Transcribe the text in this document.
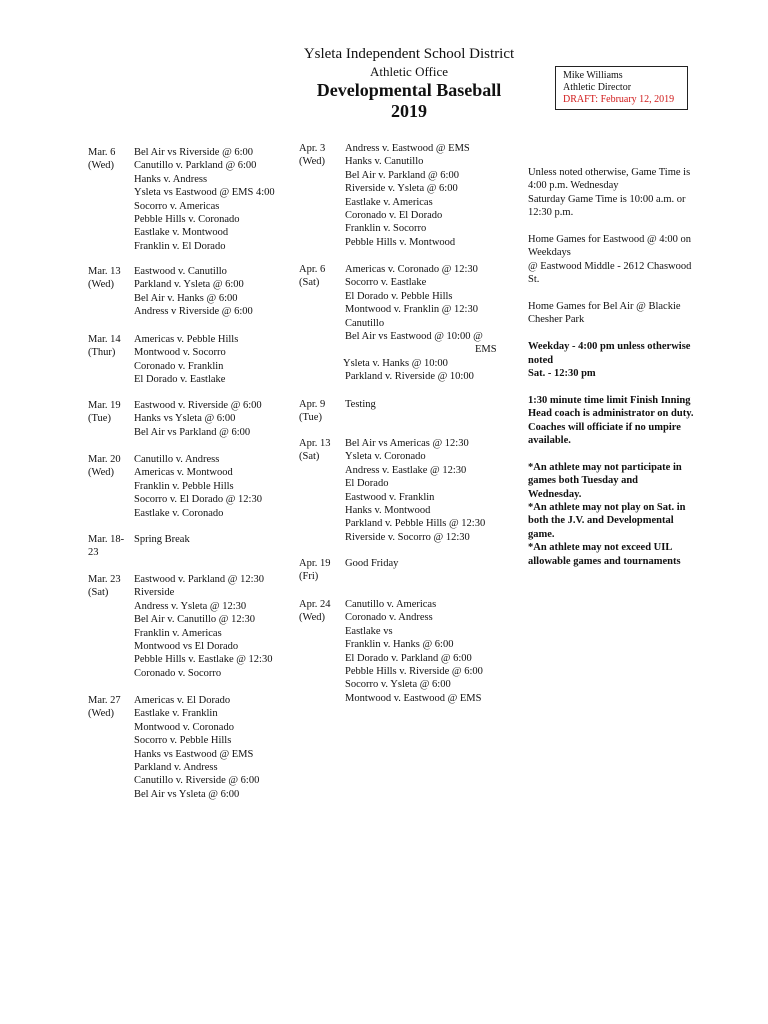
Ysleta Independent School District
Athletic Office
Developmental Baseball
2019
Mike Williams
Athletic Director
DRAFT: February 12, 2019
Mar. 6
(Wed)
Bel Air vs Riverside @ 6:00
Canutillo v. Parkland @ 6:00
Hanks v. Andress
Ysleta vs Eastwood @ EMS 4:00
Socorro v. Americas
Pebble Hills v. Coronado
Eastlake v. Montwood
Franklin v. El Dorado
Mar. 13
(Wed)
Eastwood v. Canutillo
Parkland v. Ysleta @ 6:00
Bel Air v. Hanks @ 6:00
Andress v Riverside @ 6:00
Mar. 14
(Thur)
Americas v. Pebble Hills
Montwood v. Socorro
Coronado v. Franklin
El Dorado v. Eastlake
Mar. 19
(Tue)
Eastwood v. Riverside @ 6:00
Hanks vs Ysleta @ 6:00
Bel Air vs Parkland @ 6:00
Mar. 20
(Wed)
Canutillo v. Andress
Americas v. Montwood
Franklin v. Pebble Hills
Socorro v. El Dorado @ 12:30
Eastlake v. Coronado
Mar. 18-
23
Spring Break
Mar. 23
(Sat)
Eastwood v. Parkland @ 12:30
Riverside
Andress v. Ysleta @ 12:30
Bel Air v. Canutillo @ 12:30
Franklin v. Americas
Montwood vs El Dorado
Pebble Hills v. Eastlake @ 12:30
Coronado v. Socorro
Mar. 27
(Wed)
Americas v. El Dorado
Eastlake v. Franklin
Montwood v. Coronado
Socorro v. Pebble Hills
Hanks vs Eastwood @ EMS
Parkland v. Andress
Canutillo v. Riverside @ 6:00
Bel Air vs Ysleta @ 6:00
Apr. 3
(Wed)
Andress v. Eastwood @ EMS
Hanks v. Canutillo
Bel Air v. Parkland @ 6:00
Riverside v. Ysleta @ 6:00
Eastlake v. Americas
Coronado v. El Dorado
Franklin v. Socorro
Pebble Hills v. Montwood
Apr. 6
(Sat)
Americas v. Coronado @ 12:30
Socorro v. Eastlake
El Dorado v. Pebble Hills
Montwood v. Franklin @ 12:30
Canutillo
Bel Air vs Eastwood @ 10:00 @
EMS
Ysleta v. Hanks @ 10:00
Parkland v. Riverside @ 10:00
Apr. 9
(Tue)
Testing
Apr. 13
(Sat)
Bel Air vs Americas @ 12:30
Ysleta v. Coronado
Andress v. Eastlake @ 12:30
El Dorado
Eastwood v. Franklin
Hanks v. Montwood
Parkland v. Pebble Hills @ 12:30
Riverside v. Socorro @ 12:30
Apr. 19
(Fri)
Good Friday
Apr. 24
(Wed)
Canutillo v. Americas
Coronado v. Andress
Eastlake vs
Franklin v. Hanks @ 6:00
El Dorado v. Parkland @ 6:00
Pebble Hills v. Riverside @ 6:00
Socorro v. Ysleta @ 6:00
Montwood v. Eastwood @ EMS

Unless noted otherwise, Game Time is
4:00 p.m. Wednesday
Saturday Game Time is 10:00 a.m. or
12:30 p.m.

Home Games for Eastwood @ 4:00 on
Weekdays
@ Eastwood Middle - 2612 Chaswood
St.

Home Games for Bel Air @ Blackie
Chesher Park

Weekday - 4:00 pm unless otherwise
noted
Sat. - 12:30 pm

1:30 minute time limit Finish Inning
Head coach is administrator on duty.
Coaches will officiate if no umpire
available.

*An athlete may not participate in
games both Tuesday and
Wednesday.
*An athlete may not play on Sat. in
both the J.V. and Developmental
game.
*An athlete may not exceed UIL
allowable games and tournaments
